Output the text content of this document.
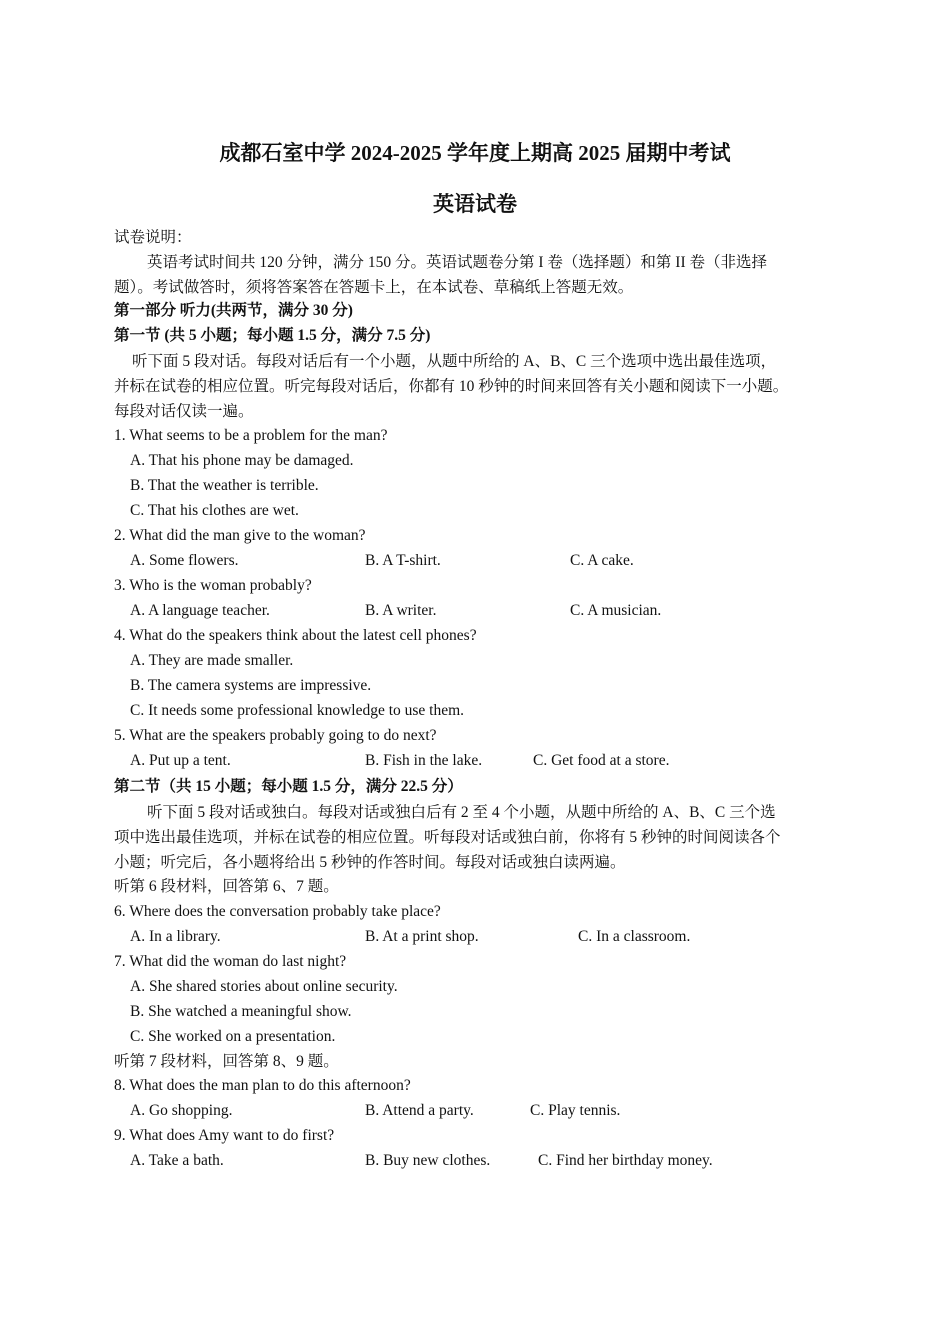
成都石室中学 2024-2025 学年度上期高 2025 届期中考试
英语试卷
试卷说明：
英语考试时间共 120 分钟，满分 150 分。英语试题卷分第 I 卷（选择题）和第 II 卷（非选择
题）。考试做答时，须将答案答在答题卡上，在本试卷、草稿纸上答题无效。
第一部分 听力(共两节，满分 30 分)
第一节 (共 5 小题；每小题 1.5 分，满分 7.5 分)
听下面 5 段对话。每段对话后有一个小题，从题中所给的 A、B、C 三个选项中选出最佳选项，
并标在试卷的相应位置。听完每段对话后，你都有 10 秒钟的时间来回答有关小题和阅读下一小题。
每段对话仅读一遍。
1. What seems to be a problem for the man?
A. That his phone may be damaged.
B. That the weather is terrible.
C. That his clothes are wet.
2. What did the man give to the woman?
A. Some flowers.	B. A T-shirt.	C. A cake.
3. Who is the woman probably?
A. A language teacher.	B. A writer.	C. A musician.
4. What do the speakers think about the latest cell phones?
A. They are made smaller.
B. The camera systems are impressive.
C. It needs some professional knowledge to use them.
5. What are the speakers probably going to do next?
A. Put up a tent.	B. Fish in the lake.	C. Get food at a store.
第二节（共 15 小题；每小题 1.5 分，满分 22.5 分）
听下面 5 段对话或独白。每段对话或独白后有 2 至 4 个小题，从题中所给的 A、B、C 三个选
项中选出最佳选项，并标在试卷的相应位置。听每段对话或独白前，你将有 5 秒钟的时间阅读各个
小题；听完后，各小题将给出 5 秒钟的作答时间。每段对话或独白读两遍。
听第 6 段材料，回答第 6、7 题。
6. Where does the conversation probably take place?
A. In a library.	B. At a print shop.	C. In a classroom.
7. What did the woman do last night?
A. She shared stories about online security.
B. She watched a meaningful show.
C. She worked on a presentation.
听第 7 段材料，回答第 8、9 题。
8. What does the man plan to do this afternoon?
A. Go shopping.	B. Attend a party.	C. Play tennis.
9. What does Amy want to do first?
A. Take a bath.	B. Buy new clothes.	C. Find her birthday money.
